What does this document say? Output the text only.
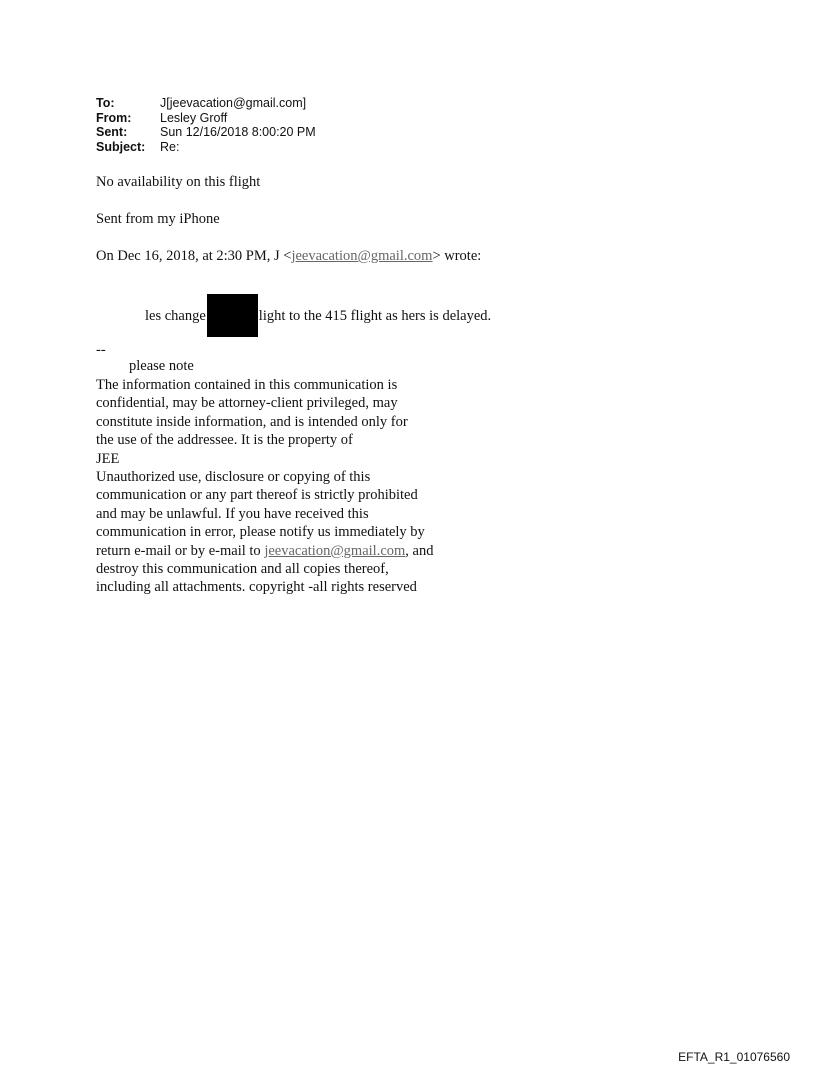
To:	J[jeevacation@gmail.com]
From:	Lesley Groff
Sent:	Sun 12/16/2018 8:00:20 PM
Subject:	Re:
No availability on this flight
Sent from my iPhone
On Dec 16, 2018, at 2:30 PM, J <jeevacation@gmail.com> wrote:
les change	light to the 415 flight as hers is delayed.
--
please note
The information contained in this communication is
confidential, may be attorney-client privileged, may
constitute inside information, and is intended only for
the use of the addressee. It is the property of
JEE
Unauthorized use, disclosure or copying of this
communication or any part thereof is strictly prohibited
and may be unlawful. If you have received this
communication in error, please notify us immediately by
return e-mail or by e-mail to jeevacation@gmail.com, and
destroy this communication and all copies thereof,
including all attachments. copyright -all rights reserved
EFTA_R1_01076560
